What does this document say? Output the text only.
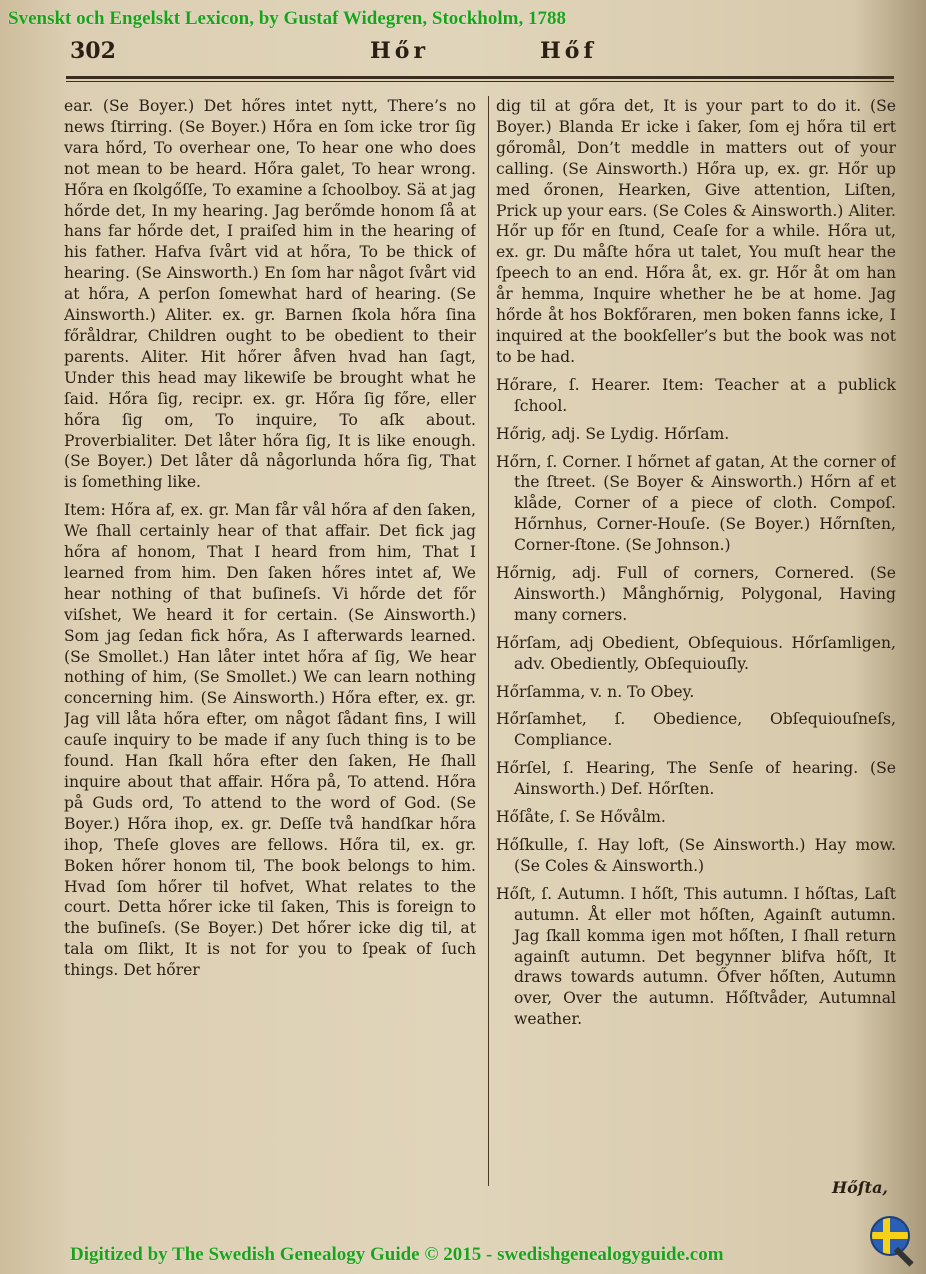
Svenskt och Engelskt Lexicon, by Gustaf Widegren, Stockholm, 1788
302	Hőr	Hőf

ear. (Se Boyer.) Det hőres intet nytt, There’s no news ſtirring. (Se Boyer.) Hőra en ſom icke tror ſig vara hőrd, To overhear one, To hear one who does not mean to be heard. Hőra galet, To hear wrong. Hőra en ſkolgőſſe, To examine a ſchoolboy. Sä at jag hőrde det, In my hearing. Jag berőmde honom ſå at hans far hőrde det, I praiſed him in the hearing of his father. Hafva ſvårt vid at hőra, To be thick of hearing. (Se Ainsworth.) En ſom har något ſvårt vid at hőra, A perſon ſomewhat hard of hearing. (Se Ainsworth.) Aliter. ex. gr. Barnen ſkola hőra ſina főråldrar, Children ought to be obedient to their parents. Aliter. Hit hőrer åfven hvad han ſagt, Under this head may likewiſe be brought what he ſaid. Hőra ſig, recipr. ex. gr. Hőra ſig főre, eller hőra ſig om, To inquire, To aſk about. Proverbialiter. Det låter hőra ſig, It is like enough. (Se Boyer.) Det låter då någorlunda hőra ſig, That is ſomething like.

Item: Hőra af, ex. gr. Man får vål hőra af den ſaken, We ſhall certainly hear of that affair. Det fick jag hőra af honom, That I heard from him, That I learned from him. Den ſaken hőres intet af, We hear nothing of that buſineſs. Vi hőrde det főr viſshet, We heard it for certain. (Se Ainsworth.) Som jag ſedan fick hőra, As I afterwards learned. (Se Smollet.) Han låter intet hőra af ſig, We hear nothing of him, (Se Smollet.) We can learn nothing concerning him. (Se Ainsworth.) Hőra efter, ex. gr. Jag vill låta hőra efter, om något ſådant fins, I will cauſe inquiry to be made if any ſuch thing is to be found. Han ſkall hőra efter den ſaken, He ſhall inquire about that affair. Hőra på, To attend. Hőra på Guds ord, To attend to the word of God. (Se Boyer.) Hőra ihop, ex. gr. Deſſe två handſkar hőra ihop, Theſe gloves are fellows. Hőra til, ex. gr. Boken hőrer honom til, The book belongs to him. Hvad ſom hőrer til hofvet, What relates to the court. Detta hőrer icke til ſaken, This is foreign to the buſineſs. (Se Boyer.) Det hőrer icke dig til, at tala om ſlikt, It is not for you to ſpeak of ſuch things. Det hőrer

dig til at gőra det, It is your part to do it. (Se Boyer.) Blanda Er icke i ſaker, ſom ej hőra til ert gőromål, Don’t meddle in matters out of your calling. (Se Ainsworth.) Hőra up, ex. gr. Hőr up med őronen, Hearken, Give attention, Liſten, Prick up your ears. (Se Coles & Ainsworth.) Aliter. Hőr up főr en ſtund, Ceaſe for a while. Hőra ut, ex. gr. Du måſte hőra ut talet, You muſt hear the ſpeech to an end. Hőra åt, ex. gr. Hőr åt om han år hemma, Inquire whether he be at home. Jag hőrde åt hos Bokfőraren, men boken fanns icke, I inquired at the bookſeller’s but the book was not to be had.

Hőrare, ſ. Hearer. Item: Teacher at a publick ſchool.

Hőrig, adj. Se Lydig. Hőrſam.

Hőrn, ſ. Corner. I hőrnet af gatan, At the corner of the ſtreet. (Se Boyer & Ainsworth.) Hőrn af et klåde, Corner of a piece of cloth. Compoſ. Hőrnhus, Corner-Houſe. (Se Boyer.) Hőrnſten, Corner-ſtone. (Se Johnson.)

Hőrnig, adj. Full of corners, Cornered. (Se Ainsworth.) Månghőrnig, Polygonal, Having many corners.

Hőrſam, adj Obedient, Obſequious. Hőrſamligen, adv. Obediently, Obſequiouſly.

Hőrſamma, v. n. To Obey.

Hőrſamhet, ſ. Obedience, Obſequiouſneſs, Compliance.

Hőrſel, ſ. Hearing, The Senſe of hearing. (Se Ainsworth.) Def. Hőrſten.

Hőſåte, ſ. Se Hővålm.

Hőſkulle, ſ. Hay loft, (Se Ainsworth.) Hay mow. (Se Coles & Ainsworth.)

Hőſt, ſ. Autumn. I hőſt, This autumn. I hőſtas, Laſt autumn. Åt eller mot hőſten, Againſt autumn. Jag ſkall komma igen mot hőſten, I ſhall return againſt autumn. Det begynner blifva hőſt, It draws towards autumn. Őfver hőſten, Autumn over, Over the autumn. Hőſtvåder, Autumnal weather.

Hőſta,
Digitized by The Swedish Genealogy Guide © 2015 - swedishgenealogyguide.com
